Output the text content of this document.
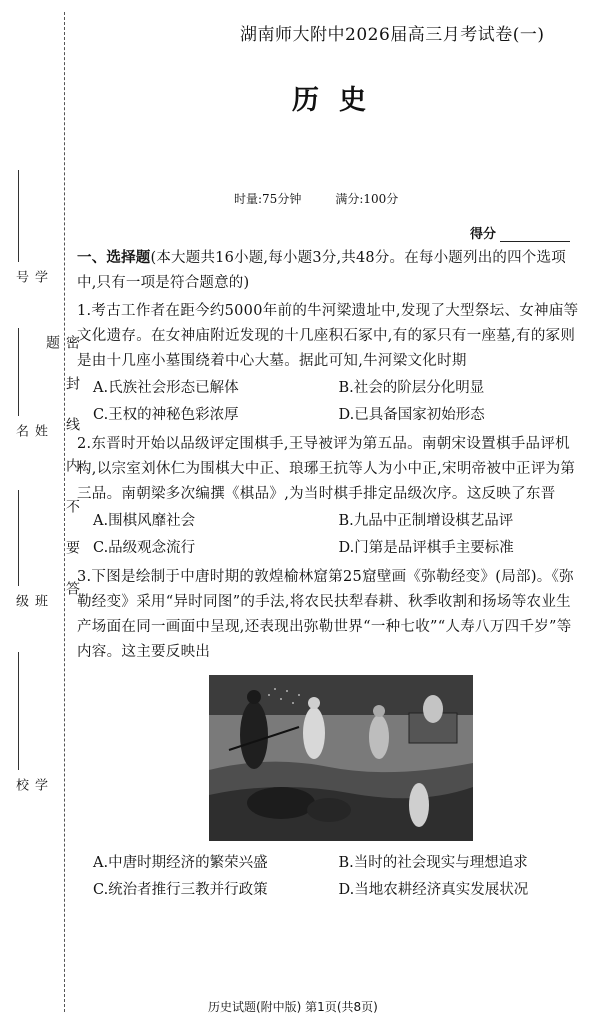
学号
姓名
班级
学校
密封线内不要答题
湖南师大附中2026届高三月考试卷(一)
历史
时量:75分钟	满分:100分
得分
一、选择题(本大题共16小题,每小题3分,共48分。在每小题列出的四个选项中,只有一项是符合题意的)
1.考古工作者在距今约5000年前的牛河梁遗址中,发现了大型祭坛、女神庙等文化遗存。在女神庙附近发现的十几座积石冢中,有的冢只有一座墓,有的冢则是由十几座小墓围绕着中心大墓。据此可知,牛河梁文化时期
A.氏族社会形态已解体	B.社会的阶层分化明显
C.王权的神秘色彩浓厚	D.已具备国家初始形态
2.东晋时开始以品级评定围棋手,王导被评为第五品。南朝宋设置棋手品评机构,以宗室刘休仁为围棋大中正、琅琊王抗等人为小中正,宋明帝被中正评为第三品。南朝梁多次编撰《棋品》,为当时棋手排定品级次序。这反映了东晋
A.围棋风靡社会	B.九品中正制增设棋艺品评
C.品级观念流行	D.门第是品评棋手主要标准
3.下图是绘制于中唐时期的敦煌榆林窟第25窟壁画《弥勒经变》(局部)。《弥勒经变》采用“异时同图”的手法,将农民扶犁春耕、秋季收割和扬场等农业生产场面在同一画面中呈现,还表现出弥勒世界“一种七收”“人寿八万四千岁”等内容。这主要反映出
A.中唐时期经济的繁荣兴盛	B.当时的社会现实与理想追求
C.统治者推行三教并行政策	D.当地农耕经济真实发展状况
历史试题(附中版) 第1页(共8页)
